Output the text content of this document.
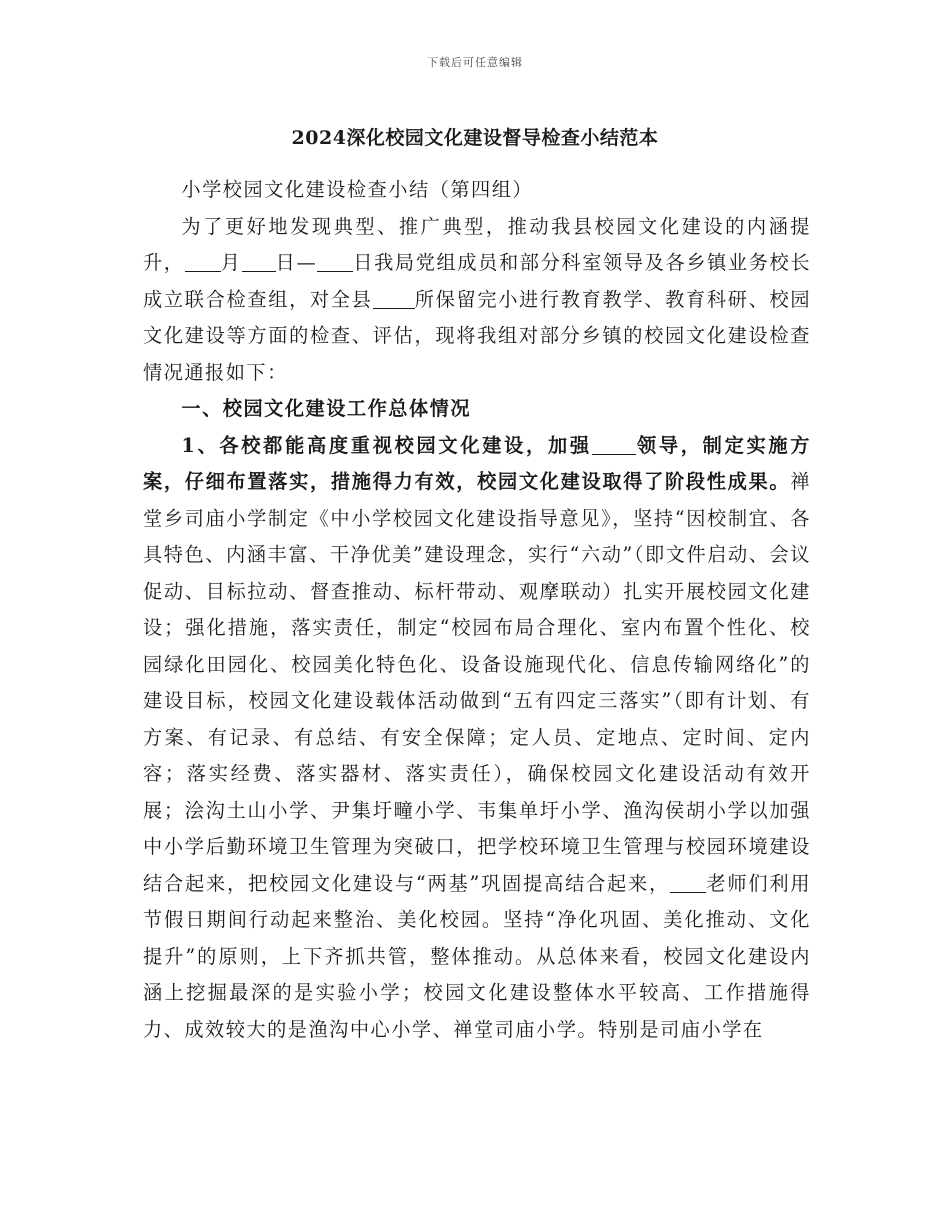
下载后可任意编辑
2024深化校园文化建设督导检查小结范本

小学校园文化建设检查小结（第四组）

为了更好地发现典型、推广典型，推动我县校园文化建设的内涵提升， 月 日— 日我局党组成员和部分科室领导及各乡镇业务校长成立联合检查组，对全县 所保留完小进行教育教学、教育科研、校园文化建设等方面的检查、评估，现将我组对部分乡镇的校园文化建设检查情况通报如下：

一、校园文化建设工作总体情况

1、各校都能高度重视校园文化建设，加强 领导，制定实施方案，仔细布置落实，措施得力有效，校园文化建设取得了阶段性成果。禅堂乡司庙小学制定《中小学校园文化建设指导意见》，坚持“因校制宜、各具特色、内涵丰富、干净优美”建设理念，实行“六动”（即文件启动、会议促动、目标拉动、督查推动、标杆带动、观摩联动）扎实开展校园文化建设；强化措施，落实责任，制定“校园布局合理化、室内布置个性化、校园绿化田园化、校园美化特色化、设备设施现代化、信息传输网络化”的建设目标，校园文化建设载体活动做到“五有四定三落实”（即有计划、有方案、有记录、有总结、有安全保障；定人员、定地点、定时间、定内容；落实经费、落实器材、落实责任），确保校园文化建设活动有效开展；浍沟土山小学、尹集圩疃小学、韦集单圩小学、渔沟侯胡小学以加强中小学后勤环境卫生管理为突破口，把学校环境卫生管理与校园环境建设结合起来，把校园文化建设与“两基”巩固提高结合起来， 老师们利用节假日期间行动起来整治、美化校园。坚持“净化巩固、美化推动、文化提升”的原则，上下齐抓共管，整体推动。从总体来看，校园文化建设内涵上挖掘最深的是实验小学；校园文化建设整体水平较高、工作措施得力、成效较大的是渔沟中心小学、禅堂司庙小学。特别是司庙小学在
